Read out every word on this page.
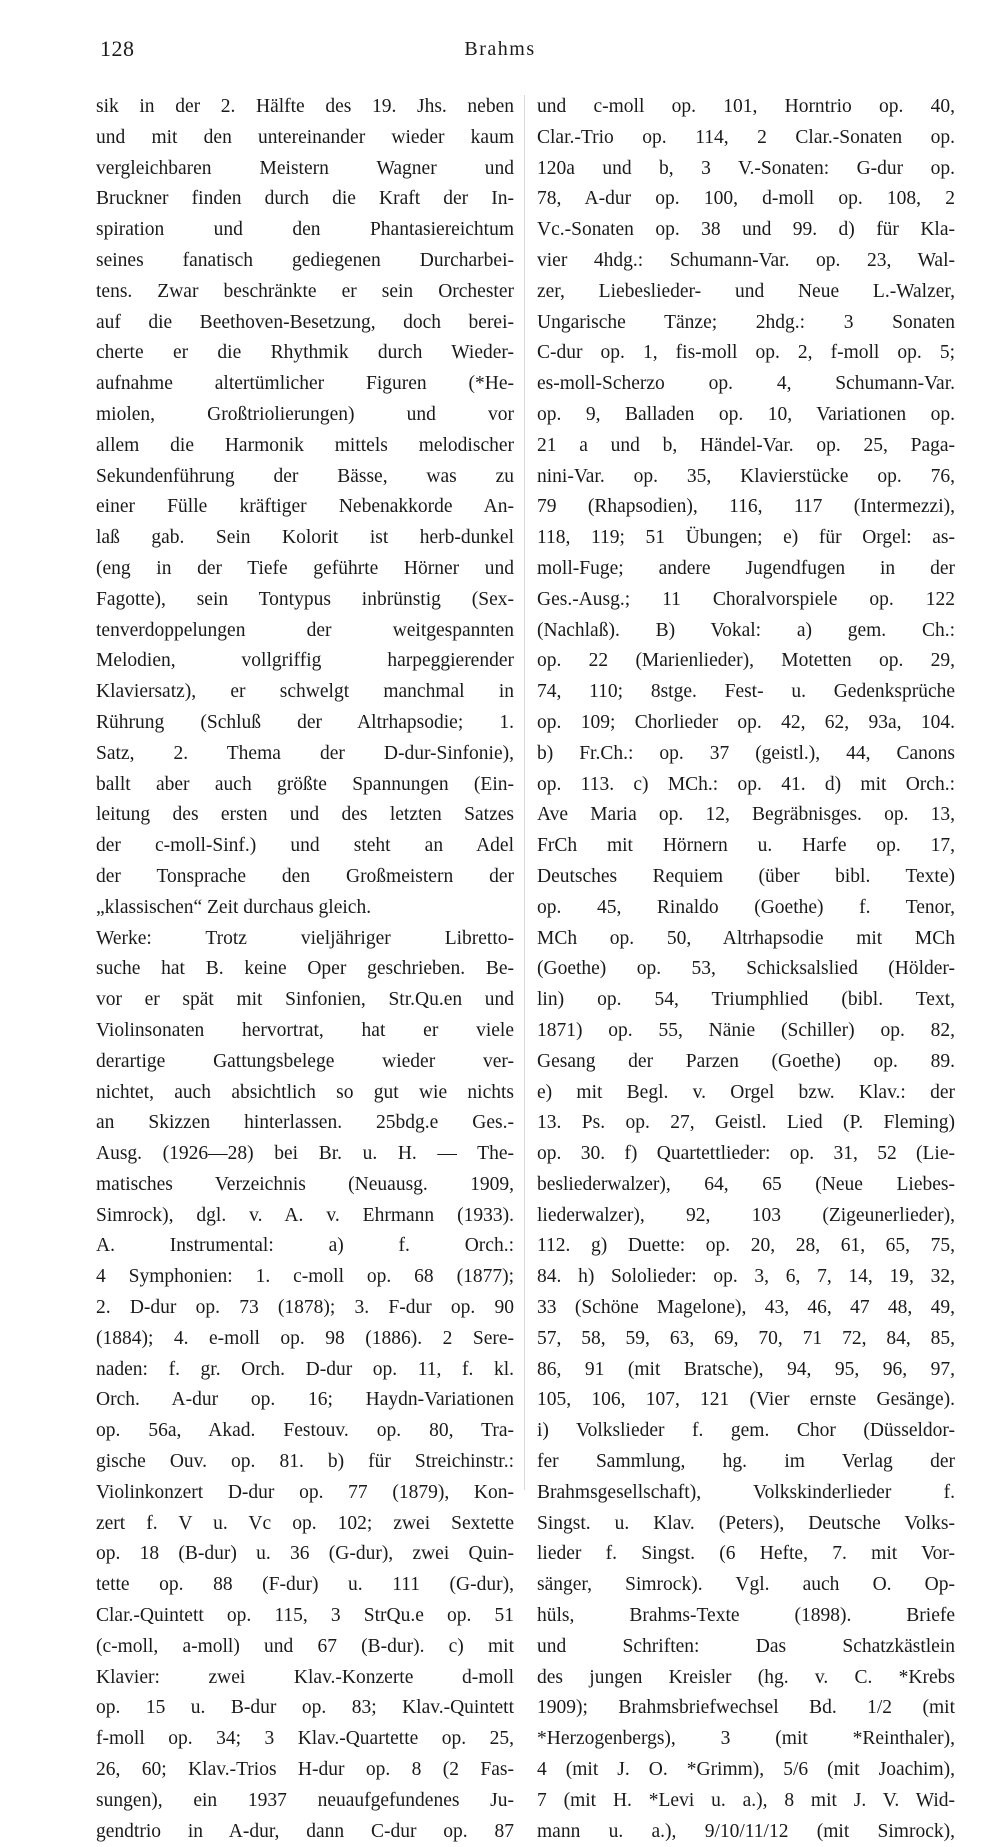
128	Brahms
sik in der 2. Hälfte des 19. Jhs. neben
und mit den untereinander wieder kaum
vergleichbaren Meistern Wagner und
Bruckner finden durch die Kraft der In-
spiration und den Phantasiereichtum
seines fanatisch gediegenen Durcharbei-
tens. Zwar beschränkte er sein Orchester
auf die Beethoven-Besetzung, doch berei-
cherte er die Rhythmik durch Wieder-
aufnahme altertümlicher Figuren (*He-
miolen, Großtriolierungen) und vor
allem die Harmonik mittels melodischer
Sekundenführung der Bässe, was zu
einer Fülle kräftiger Nebenakkorde An-
laß gab. Sein Kolorit ist herb-dunkel
(eng in der Tiefe geführte Hörner und
Fagotte), sein Tontypus inbrünstig (Sex-
tenverdoppelungen der weitgespannten
Melodien, vollgriffig harpeggierender
Klaviersatz), er schwelgt manchmal in
Rührung (Schluß der Altrhapsodie; 1.
Satz, 2. Thema der D-dur-Sinfonie),
ballt aber auch größte Spannungen (Ein-
leitung des ersten und des letzten Satzes
der c-moll-Sinf.) und steht an Adel
der Tonsprache den Großmeistern der
„klassischen“ Zeit durchaus gleich.
Werke: Trotz vieljähriger Libretto-
suche hat B. keine Oper geschrieben. Be-
vor er spät mit Sinfonien, Str.Qu.en und
Violinsonaten hervortrat, hat er viele
derartige Gattungsbelege wieder ver-
nichtet, auch absichtlich so gut wie nichts
an Skizzen hinterlassen. 25bdg.e Ges.-
Ausg. (1926—28) bei Br. u. H. — The-
matisches Verzeichnis (Neuausg. 1909,
Simrock), dgl. v. A. v. Ehrmann (1933).
A. Instrumental: a) f. Orch.:
4 Symphonien: 1. c-moll op. 68 (1877);
2. D-dur op. 73 (1878); 3. F-dur op. 90
(1884); 4. e-moll op. 98 (1886). 2 Sere-
naden: f. gr. Orch. D-dur op. 11, f. kl.
Orch. A-dur op. 16; Haydn-Variationen
op. 56a, Akad. Festouv. op. 80, Tra-
gische Ouv. op. 81. b) für Streichinstr.:
Violinkonzert D-dur op. 77 (1879), Kon-
zert f. V u. Vc op. 102; zwei Sextette
op. 18 (B-dur) u. 36 (G-dur), zwei Quin-
tette op. 88 (F-dur) u. 111 (G-dur),
Clar.-Quintett op. 115, 3 StrQu.e op. 51
(c-moll, a-moll) und 67 (B-dur). c) mit
Klavier: zwei Klav.-Konzerte d-moll
op. 15 u. B-dur op. 83; Klav.-Quintett
f-moll op. 34; 3 Klav.-Quartette op. 25,
26, 60; Klav.-Trios H-dur op. 8 (2 Fas-
sungen), ein 1937 neuaufgefundenes Ju-
gendtrio in A-dur, dann C-dur op. 87
und c-moll op. 101, Horntrio op. 40,
Clar.-Trio op. 114, 2 Clar.-Sonaten op.
120a und b, 3 V.-Sonaten: G-dur op.
78, A-dur op. 100, d-moll op. 108, 2
Vc.-Sonaten op. 38 und 99. d) für Kla-
vier 4hdg.: Schumann-Var. op. 23, Wal-
zer, Liebeslieder- und Neue L.-Walzer,
Ungarische Tänze; 2hdg.: 3 Sonaten
C-dur op. 1, fis-moll op. 2, f-moll op. 5;
es-moll-Scherzo op. 4, Schumann-Var.
op. 9, Balladen op. 10, Variationen op.
21 a und b, Händel-Var. op. 25, Paga-
nini-Var. op. 35, Klavierstücke op. 76,
79 (Rhapsodien), 116, 117 (Intermezzi),
118, 119; 51 Übungen; e) für Orgel: as-
moll-Fuge; andere Jugendfugen in der
Ges.-Ausg.; 11 Choralvorspiele op. 122
(Nachlaß). B) Vokal: a) gem. Ch.:
op. 22 (Marienlieder), Motetten op. 29,
74, 110; 8stge. Fest- u. Gedenksprüche
op. 109; Chorlieder op. 42, 62, 93a, 104.
b) Fr.Ch.: op. 37 (geistl.), 44, Canons
op. 113. c) MCh.: op. 41. d) mit Orch.:
Ave Maria op. 12, Begräbnisges. op. 13,
FrCh mit Hörnern u. Harfe op. 17,
Deutsches Requiem (über bibl. Texte)
op. 45, Rinaldo (Goethe) f. Tenor,
MCh op. 50, Altrhapsodie mit MCh
(Goethe) op. 53, Schicksalslied (Hölder-
lin) op. 54, Triumphlied (bibl. Text,
1871) op. 55, Nänie (Schiller) op. 82,
Gesang der Parzen (Goethe) op. 89.
e) mit Begl. v. Orgel bzw. Klav.: der
13. Ps. op. 27, Geistl. Lied (P. Fleming)
op. 30. f) Quartettlieder: op. 31, 52 (Lie-
besliederwalzer), 64, 65 (Neue Liebes-
liederwalzer), 92, 103 (Zigeunerlieder),
112. g) Duette: op. 20, 28, 61, 65, 75,
84. h) Sololieder: op. 3, 6, 7, 14, 19, 32,
33 (Schöne Magelone), 43, 46, 47 48, 49,
57, 58, 59, 63, 69, 70, 71 72, 84, 85,
86, 91 (mit Bratsche), 94, 95, 96, 97,
105, 106, 107, 121 (Vier ernste Gesänge).
i) Volkslieder f. gem. Chor (Düsseldor-
fer Sammlung, hg. im Verlag der
Brahmsgesellschaft), Volkskinderlieder f.
Singst. u. Klav. (Peters), Deutsche Volks-
lieder f. Singst. (6 Hefte, 7. mit Vor-
sänger, Simrock). Vgl. auch O. Op-
hüls, Brahms-Texte (1898). Briefe
und Schriften: Das Schatzkästlein
des jungen Kreisler (hg. v. C. *Krebs
1909); Brahmsbriefwechsel Bd. 1/2 (mit
*Herzogenbergs), 3 (mit *Reinthaler),
4 (mit J. O. *Grimm), 5/6 (mit Joachim),
7 (mit H. *Levi u. a.), 8 mit J. V. Wid-
mann u. a.), 9/10/11/12 (mit Simrock),
